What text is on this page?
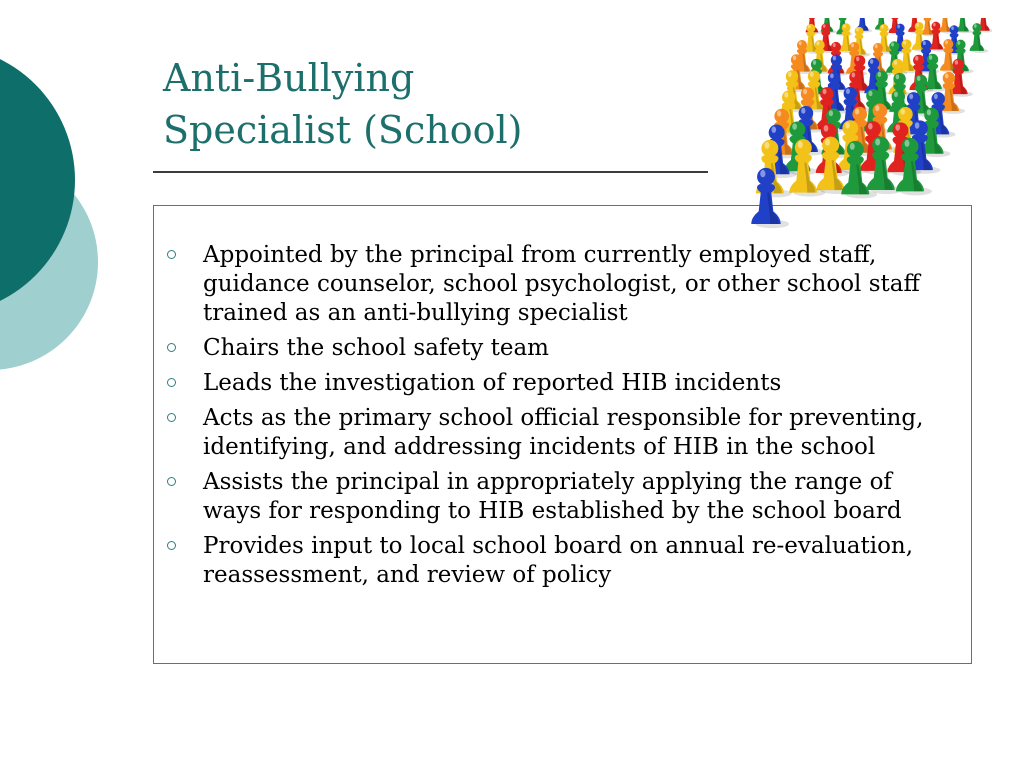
Anti-Bullying
Specialist (School)
Appointed by the principal from currently employed staff, guidance counselor, school psychologist, or other school staff trained as an anti-bullying specialist
Chairs the school safety team
Leads the investigation of reported HIB incidents
Acts as the primary school official responsible for preventing, identifying, and addressing incidents of HIB in the school
Assists the principal in appropriately applying the range of ways for responding to HIB established by the school board
Provides input to local school board on annual re-evaluation, reassessment, and review of policy
